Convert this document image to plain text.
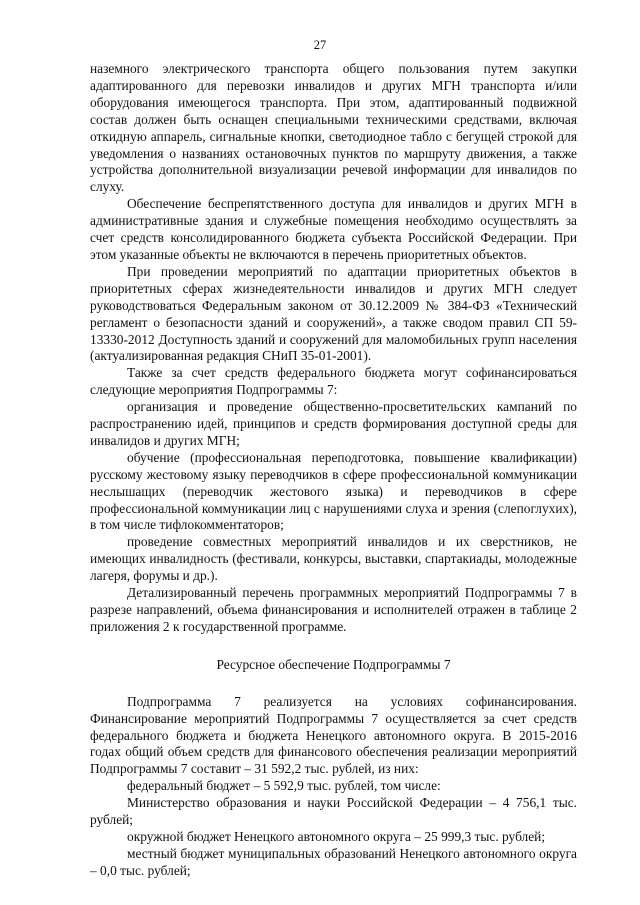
27

наземного электрического транспорта общего пользования путем закупки адаптированного для перевозки инвалидов и других МГН транспорта и/или оборудования имеющегося транспорта. При этом, адаптированный подвижной состав должен быть оснащен специальными техническими средствами, включая откидную аппарель, сигнальные кнопки, светодиодное табло с бегущей строкой для уведомления о названиях остановочных пунктов по маршруту движения, а также устройства дополнительной визуализации речевой информации для инвалидов по слуху.

Обеспечение беспрепятственного доступа для инвалидов и других МГН в административные здания и служебные помещения необходимо осуществлять за счет средств консолидированного бюджета субъекта Российской Федерации. При этом указанные объекты не включаются в перечень приоритетных объектов.

При проведении мероприятий по адаптации приоритетных объектов в приоритетных сферах жизнедеятельности инвалидов и других МГН следует руководствоваться Федеральным законом от 30.12.2009 № 384-ФЗ «Технический регламент о безопасности зданий и сооружений», а также сводом правил СП 59-13330-2012 Доступность зданий и сооружений для маломобильных групп населения (актуализированная редакция СНиП 35-01-2001).

Также за счет средств федерального бюджета могут софинансироваться следующие мероприятия Подпрограммы 7:

организация и проведение общественно-просветительских кампаний по распространению идей, принципов и средств формирования доступной среды для инвалидов и других МГН;

обучение (профессиональная переподготовка, повышение квалификации) русскому жестовому языку переводчиков в сфере профессиональной коммуникации неслышащих (переводчик жестового языка) и переводчиков в сфере профессиональной коммуникации лиц с нарушениями слуха и зрения (слепоглухих), в том числе тифлокомментаторов;

проведение совместных мероприятий инвалидов и их сверстников, не имеющих инвалидность (фестивали, конкурсы, выставки, спартакиады, молодежные лагеря, форумы и др.).

Детализированный перечень программных мероприятий Подпрограммы 7 в разрезе направлений, объема финансирования и исполнителей отражен в таблице 2 приложения 2 к государственной программе.

Ресурсное обеспечение Подпрограммы 7

Подпрограмма 7 реализуется на условиях софинансирования. Финансирование мероприятий Подпрограммы 7 осуществляется за счет средств федерального бюджета и бюджета Ненецкого автономного округа. В 2015-2016 годах общий объем средств для финансового обеспечения реализации мероприятий Подпрограммы 7 составит – 31 592,2 тыс. рублей, из них:

федеральный бюджет – 5 592,9 тыс. рублей, том числе:

Министерство образования и науки Российской Федерации – 4 756,1 тыс. рублей;

окружной бюджет Ненецкого автономного округа – 25 999,3 тыс. рублей;

местный бюджет муниципальных образований Ненецкого автономного округа – 0,0 тыс. рублей;
